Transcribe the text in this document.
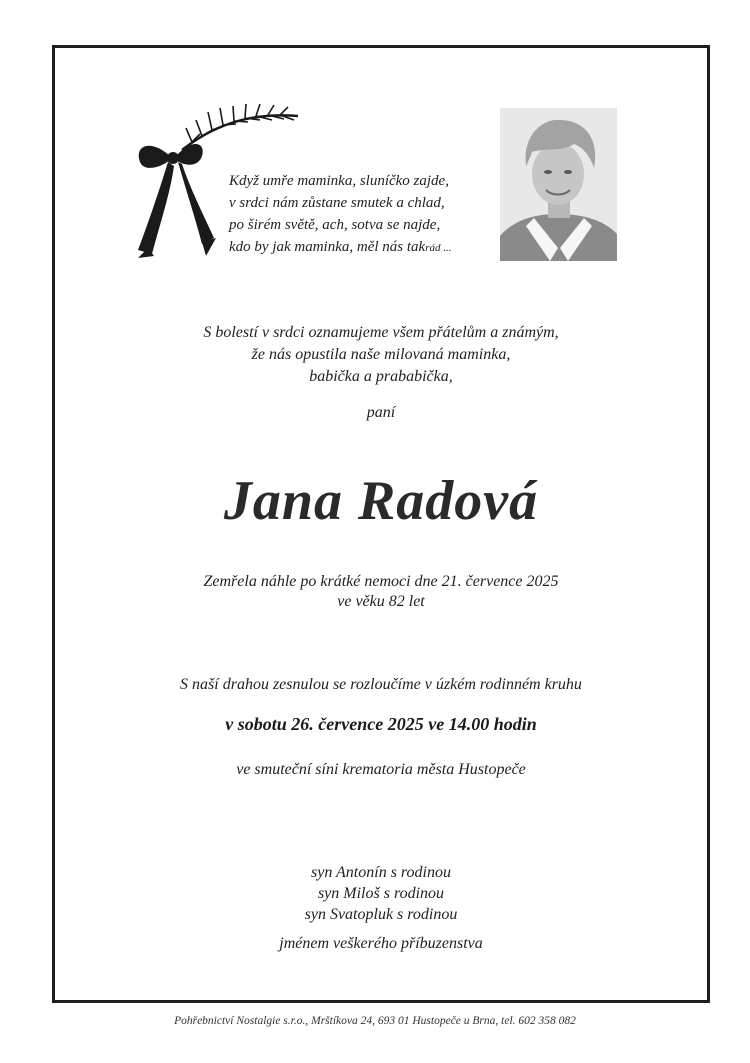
Když umře maminka, sluníčko zajde,
v srdci nám zůstane smutek a chlad,
po širém světě, ach, sotva se najde,
kdo by jak maminka, měl nás takrád ...
S bolestí v srdci oznamujeme všem přátelům a známým,
že nás opustila naše milovaná maminka,
babička a prababička,
paní
Jana Radová
Zemřela náhle po krátké nemoci dne 21. července 2025
ve věku 82 let
S naší drahou zesnulou se rozloučíme v úzkém rodinném kruhu
v sobotu 26. července 2025 ve 14.00 hodin
ve smuteční síni krematoria města Hustopeče
syn Antonín s rodinou
syn Miloš s rodinou
syn Svatopluk s rodinou
jménem veškerého příbuzenstva
Pohřebnictví Nostalgie s.r.o., Mrštíkova 24, 693 01 Hustopeče u Brna, tel. 602 358 082
